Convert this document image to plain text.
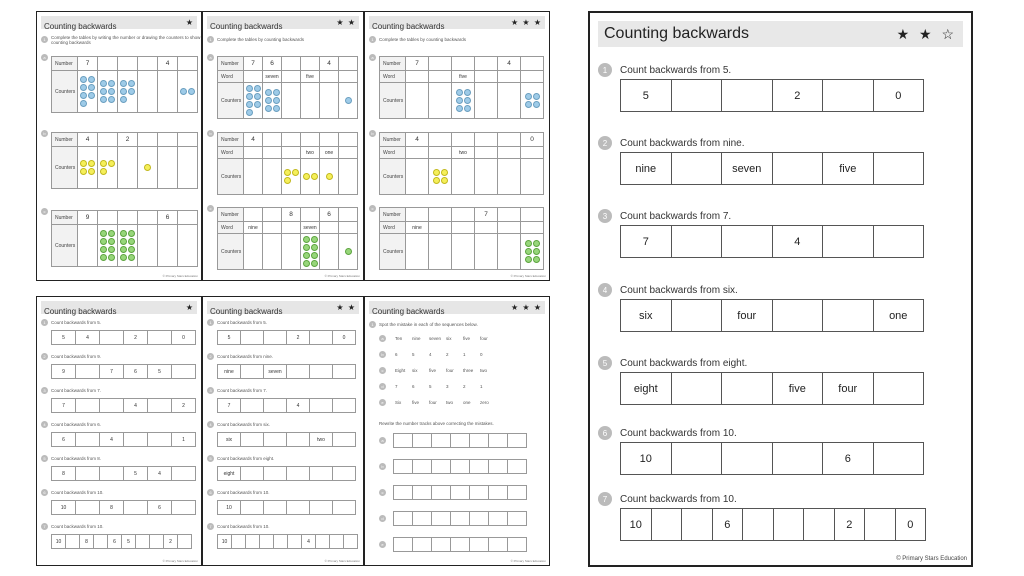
Counting backwards	★
1	Complete the tables by writing the number or drawing the counters to show counting backwards
a
Number	7				4	
Counters	

b
Number	4		2			
Counters	

c
Number	9				6	
Counters		

© Primary Stars Education
Counting backwards	★ ★
1	Complete the tables by counting backwards
a
Number	7	6			4	
Word		seven		five		
Counters	

b
Number	4					
Word				two	one	
Counters			

c
Number			8		6	
Word	nine			seven		
Counters				

© Primary Stars Education
Counting backwards	★ ★ ★
1	Complete the tables by counting backwards
a
Number	7				4	
Word			five			
Counters			

b
Number	4					0
Word			two			
Counters		

c
Number				7		
Word	nine					
Counters						
© Primary Stars Education
Counting backwards	★
1	Count backwards from 5.
5	4		2		0
2	Count backwards from 9.
9		7	6	5	
3	Count backwards from 7.
7			4		2
4	Count backwards from 6.
6		4			1
5	Count backwards from 8.
8			5	4	
6	Count backwards from 10.
10		8		6	
7	Count backwards from 10.
10		8		6	5			2	
© Primary Stars Education
Counting backwards	★ ★
1	Count backwards from 5.
5			2		0
2	Count backwards from nine.
nine		seven			
3	Count backwards from 7.
7			4		
4	Count backwards from six.
six				two	
5	Count backwards from eight.
eight					
6	Count backwards from 10.
10					
7	Count backwards from 10.
10						4			
© Primary Stars Education
Counting backwards	★ ★ ★
1	Spot the mistake in each of the sequences below.
a	Ten nine seven six	five four
b	6	5	4	2	1	0
c	Eight six	five four three two
d	7	6	5	3	2	1
e	Six five four two one zero
Rewrite the number tracks above correcting the mistakes.
a

b

c

d

e

© Primary Stars Education
Counting backwards	★ ★ ☆
1	Count backwards from 5.
5			2		0
2	Count backwards from nine.
nine		seven		five	
3	Count backwards from 7.
7			4		
4	Count backwards from six.
six		four			one
5	Count backwards from eight.
eight			five	four	
6	Count backwards from 10.
10				6	
7	Count backwards from 10.
10			6				2		0
© Primary Stars Education
